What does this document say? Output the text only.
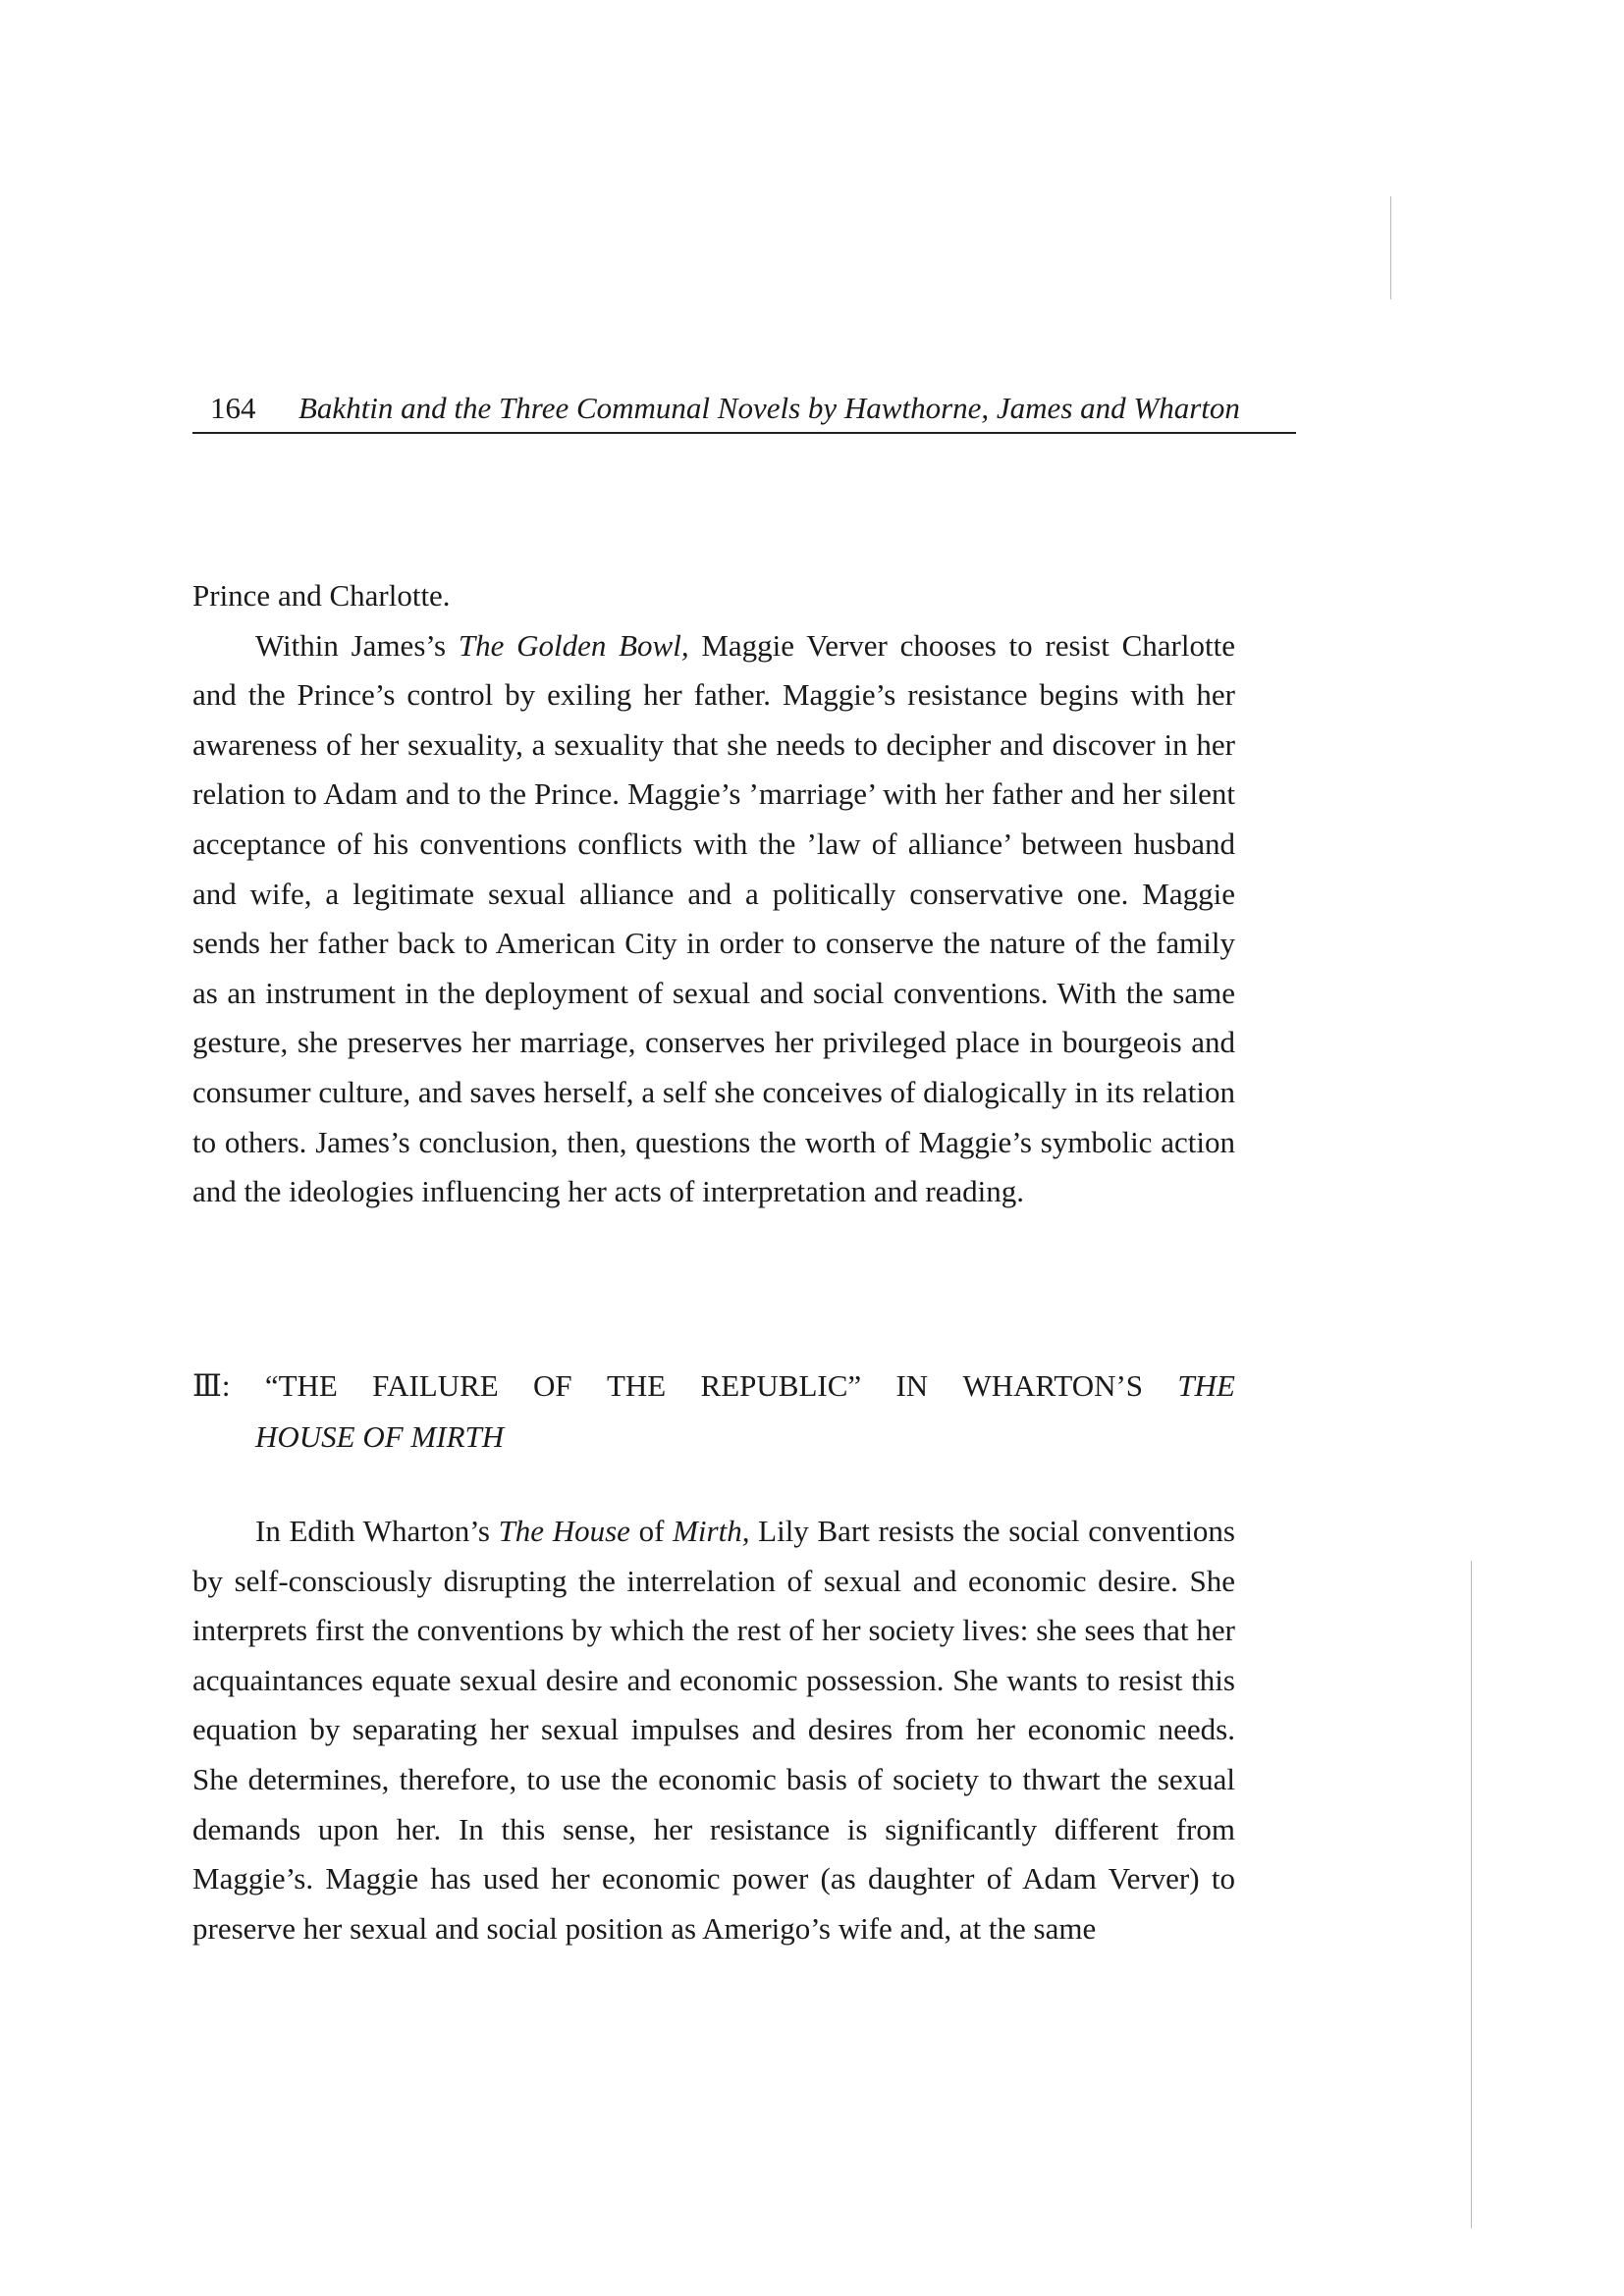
164 Bakhtin and the Three Communal Novels by Hawthorne, James and Wharton

Prince and Charlotte.

Within James’s The Golden Bowl, Maggie Verver chooses to resist Charlotte and the Prince’s control by exiling her father. Maggie’s resistance begins with her awareness of her sexuality, a sexuality that she needs to decipher and discover in her relation to Adam and to the Prince. Maggie’s ’marriage’ with her father and her silent acceptance of his conventions conflicts with the ’law of alliance’ between husband and wife, a legitimate sexual alliance and a politically conservative one. Maggie sends her father back to American City in order to conserve the nature of the family as an instrument in the deployment of sexual and social conventions. With the same gesture, she preserves her marriage, conserves her privileged place in bourgeois and consumer culture, and saves herself, a self she conceives of dialogically in its relation to others. James’s conclusion, then, questions the worth of Maggie’s symbolic action and the ideologies influencing her acts of interpretation and reading.

Ⅲ: “THE FAILURE OF THE REPUBLIC” IN WHARTON’S THE
HOUSE OF MIRTH

In Edith Wharton’s The House of Mirth, Lily Bart resists the social conventions by self-consciously disrupting the interrelation of sexual and economic desire. She interprets first the conventions by which the rest of her society lives: she sees that her acquaintances equate sexual desire and economic possession. She wants to resist this equation by separating her sexual impulses and desires from her economic needs. She determines, therefore, to use the economic basis of society to thwart the sexual demands upon her. In this sense, her resistance is significantly different from Maggie’s. Maggie has used her economic power (as daughter of Adam Verver) to preserve her sexual and social position as Amerigo’s wife and, at the same
